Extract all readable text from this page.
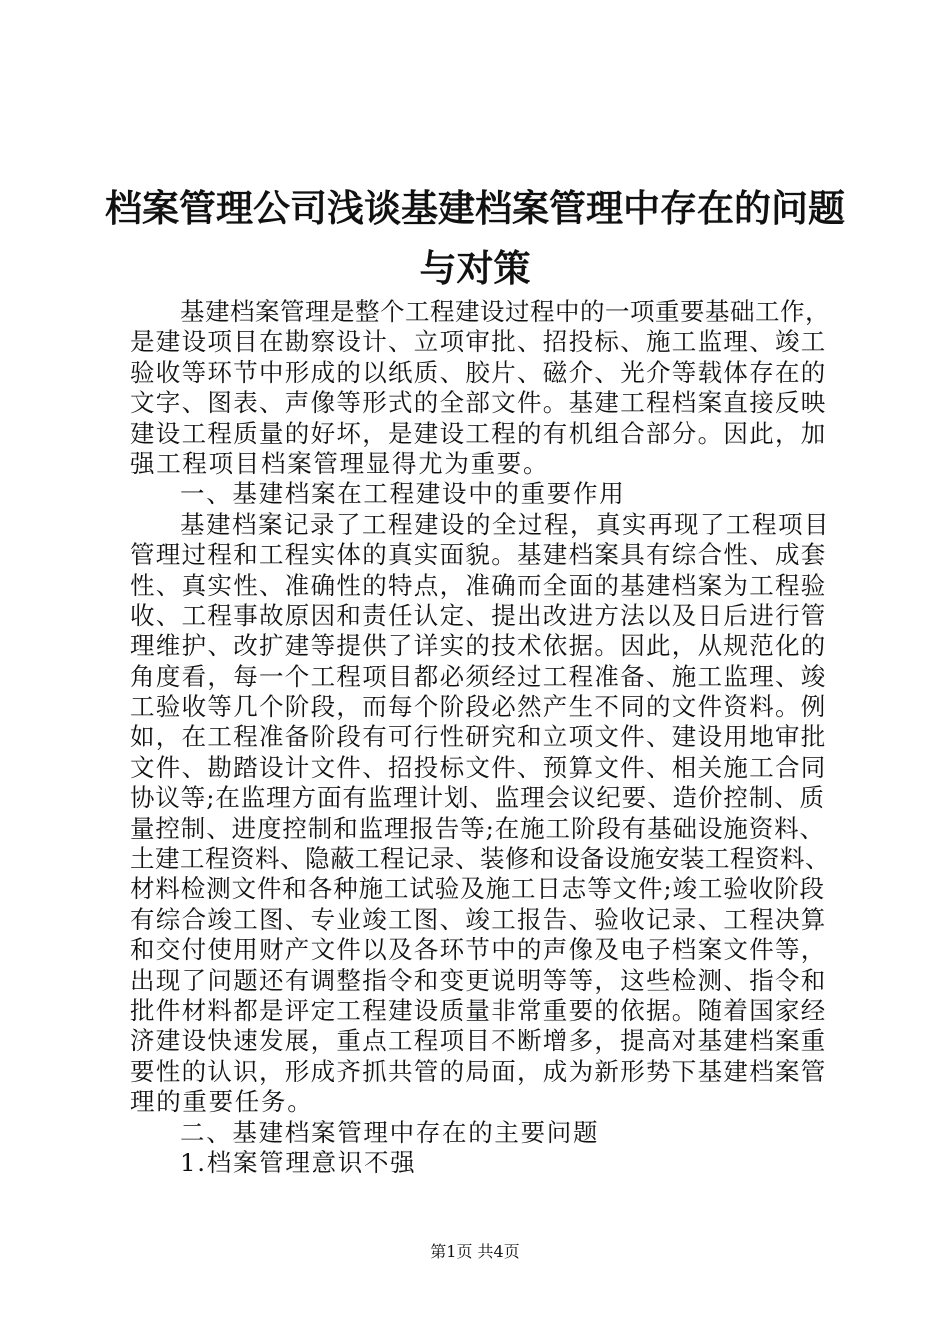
档案管理公司浅谈基建档案管理中存在的问题
与对策

基建档案管理是整个工程建设过程中的一项重要基础工作，

是建设项目在勘察设计、立项审批、招投标、施工监理、竣工

验收等环节中形成的以纸质、胶片、磁介、光介等载体存在的

文字、图表、声像等形式的全部文件。基建工程档案直接反映

建设工程质量的好坏，是建设工程的有机组合部分。因此，加

强工程项目档案管理显得尤为重要。

一、基建档案在工程建设中的重要作用

基建档案记录了工程建设的全过程，真实再现了工程项目

管理过程和工程实体的真实面貌。基建档案具有综合性、成套

性、真实性、准确性的特点，准确而全面的基建档案为工程验

收、工程事故原因和责任认定、提出改进方法以及日后进行管

理维护、改扩建等提供了详实的技术依据。因此，从规范化的

角度看，每一个工程项目都必须经过工程准备、施工监理、竣

工验收等几个阶段，而每个阶段必然产生不同的文件资料。例

如，在工程准备阶段有可行性研究和立项文件、建设用地审批

文件、勘踏设计文件、招投标文件、预算文件、相关施工合同

协议等;在监理方面有监理计划、监理会议纪要、造价控制、质

量控制、进度控制和监理报告等;在施工阶段有基础设施资料、

土建工程资料、隐蔽工程记录、装修和设备设施安装工程资料、

材料检测文件和各种施工试验及施工日志等文件;竣工验收阶段

有综合竣工图、专业竣工图、竣工报告、验收记录、工程决算

和交付使用财产文件以及各环节中的声像及电子档案文件等，

出现了问题还有调整指令和变更说明等等，这些检测、指令和

批件材料都是评定工程建设质量非常重要的依据。随着国家经

济建设快速发展，重点工程项目不断增多，提高对基建档案重

要性的认识，形成齐抓共管的局面，成为新形势下基建档案管

理的重要任务。

二、基建档案管理中存在的主要问题

1.档案管理意识不强

第1页 共4页
